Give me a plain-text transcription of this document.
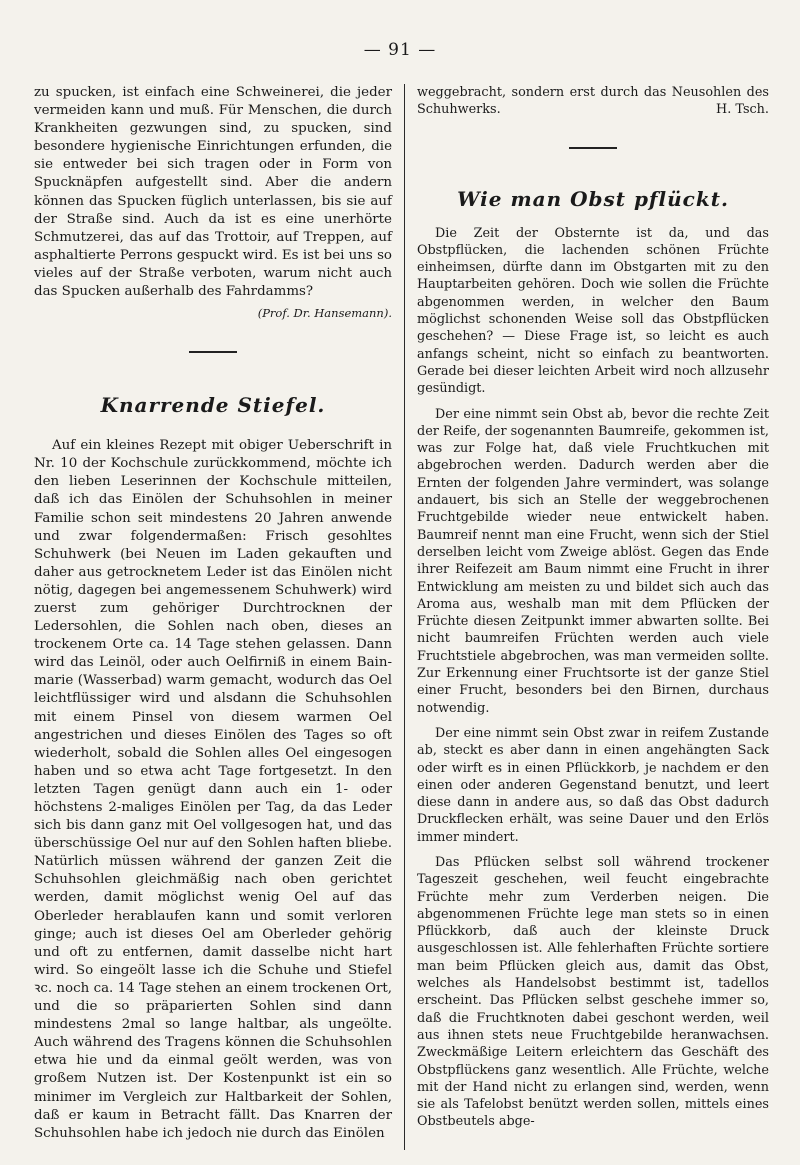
— 91 —

zu spucken, ist einfach eine Schweinerei, die jeder vermeiden kann und muß. Für Menschen, die durch Krankheiten gezwungen sind, zu spucken, sind besondere hygienische Einrichtungen erfunden, die sie entweder bei sich tragen oder in Form von Spucknäpfen aufgestellt sind. Aber die andern können das Spucken füglich unterlassen, bis sie auf der Straße sind. Auch da ist es eine unerhörte Schmutzerei, das auf das Trottoir, auf Treppen, auf asphaltierte Perrons gespuckt wird. Es ist bei uns so vieles auf der Straße verboten, warum nicht auch das Spucken außerhalb des Fahrdamms?

(Prof. Dr. Hansemann).
Knarrende Stiefel.

Auf ein kleines Rezept mit obiger Ueberschrift in Nr. 10 der Kochschule zurückkommend, möchte ich den lieben Leserinnen der Kochschule mitteilen, daß ich das Einölen der Schuhsohlen in meiner Familie schon seit mindestens 20 Jahren anwende und zwar folgendermaßen: Frisch gesohltes Schuhwerk (bei Neuen im Laden gekauften und daher aus getrocknetem Leder ist das Einölen nicht nötig, dagegen bei angemessenem Schuhwerk) wird zuerst zum gehöriger Durchtrocknen der Ledersohlen, die Sohlen nach oben, dieses an trockenem Orte ca. 14 Tage stehen gelassen. Dann wird das Leinöl, oder auch Oelfirniß in einem Bain-marie (Wasserbad) warm gemacht, wodurch das Oel leichtflüssiger wird und alsdann die Schuhsohlen mit einem Pinsel von diesem warmen Oel angestrichen und dieses Einölen des Tages so oft wiederholt, sobald die Sohlen alles Oel eingesogen haben und so etwa acht Tage fortgesetzt. In den letzten Tagen genügt dann auch ein 1- oder höchstens 2-maliges Einölen per Tag, da das Leder sich bis dann ganz mit Oel vollgesogen hat, und das überschüssige Oel nur auf den Sohlen haften bliebe. Natürlich müssen während der ganzen Zeit die Schuhsohlen gleichmäßig nach oben gerichtet werden, damit möglichst wenig Oel auf das Oberleder herablaufen kann und somit verloren ginge; auch ist dieses Oel am Oberleder gehörig und oft zu entfernen, damit dasselbe nicht hart wird. So eingeölt lasse ich die Schuhe und Stiefel ꝛc. noch ca. 14 Tage stehen an einem trockenen Ort, und die so präparierten Sohlen sind dann mindestens 2mal so lange haltbar, als ungeölte. Auch während des Tragens können die Schuhsohlen etwa hie und da einmal geölt werden, was von großem Nutzen ist. Der Kostenpunkt ist ein so minimer im Vergleich zur Haltbarkeit der Sohlen, daß er kaum in Betracht fällt. Das Knarren der Schuhsohlen habe ich jedoch nie durch das Einölen

weggebracht, sondern erst durch das Neusohlen des Schuhwerks.	H. Tsch.

Wie man Obst pflückt.

Die Zeit der Obsternte ist da, und das Obstpflücken, die lachenden schönen Früchte einheimsen, dürfte dann im Obstgarten mit zu den Hauptarbeiten gehören. Doch wie sollen die Früchte abgenommen werden, in welcher den Baum möglichst schonenden Weise soll das Obstpflücken geschehen? — Diese Frage ist, so leicht es auch anfangs scheint, nicht so einfach zu beantworten. Gerade bei dieser leichten Arbeit wird noch allzusehr gesündigt.

Der eine nimmt sein Obst ab, bevor die rechte Zeit der Reife, der sogenannten Baumreife, gekommen ist, was zur Folge hat, daß viele Fruchtkuchen mit abgebrochen werden. Dadurch werden aber die Ernten der folgenden Jahre vermindert, was solange andauert, bis sich an Stelle der weggebrochenen Fruchtgebilde wieder neue entwickelt haben. Baumreif nennt man eine Frucht, wenn sich der Stiel derselben leicht vom Zweige ablöst. Gegen das Ende ihrer Reifezeit am Baum nimmt eine Frucht in ihrer Entwicklung am meisten zu und bildet sich auch das Aroma aus, weshalb man mit dem Pflücken der Früchte diesen Zeitpunkt immer abwarten sollte. Bei nicht baumreifen Früchten werden auch viele Fruchtstiele abgebrochen, was man vermeiden sollte. Zur Erkennung einer Fruchtsorte ist der ganze Stiel einer Frucht, besonders bei den Birnen, durchaus notwendig.

Der eine nimmt sein Obst zwar in reifem Zustande ab, steckt es aber dann in einen angehängten Sack oder wirft es in einen Pflückkorb, je nachdem er den einen oder anderen Gegenstand benutzt, und leert diese dann in andere aus, so daß das Obst dadurch Druckflecken erhält, was seine Dauer und den Erlös immer mindert.

Das Pflücken selbst soll während trockener Tageszeit geschehen, weil feucht eingebrachte Früchte mehr zum Verderben neigen. Die abgenommenen Früchte lege man stets so in einen Pflückkorb, daß auch der kleinste Druck ausgeschlossen ist. Alle fehlerhaften Früchte sortiere man beim Pflücken gleich aus, damit das Obst, welches als Handelsobst bestimmt ist, tadellos erscheint. Das Pflücken selbst geschehe immer so, daß die Fruchtknoten dabei geschont werden, weil aus ihnen stets neue Fruchtgebilde heranwachsen. Zweckmäßige Leitern erleichtern das Geschäft des Obstpflückens ganz wesentlich. Alle Früchte, welche mit der Hand nicht zu erlangen sind, werden, wenn sie als Tafelobst benützt werden sollen, mittels eines Obstbeutels abge-
